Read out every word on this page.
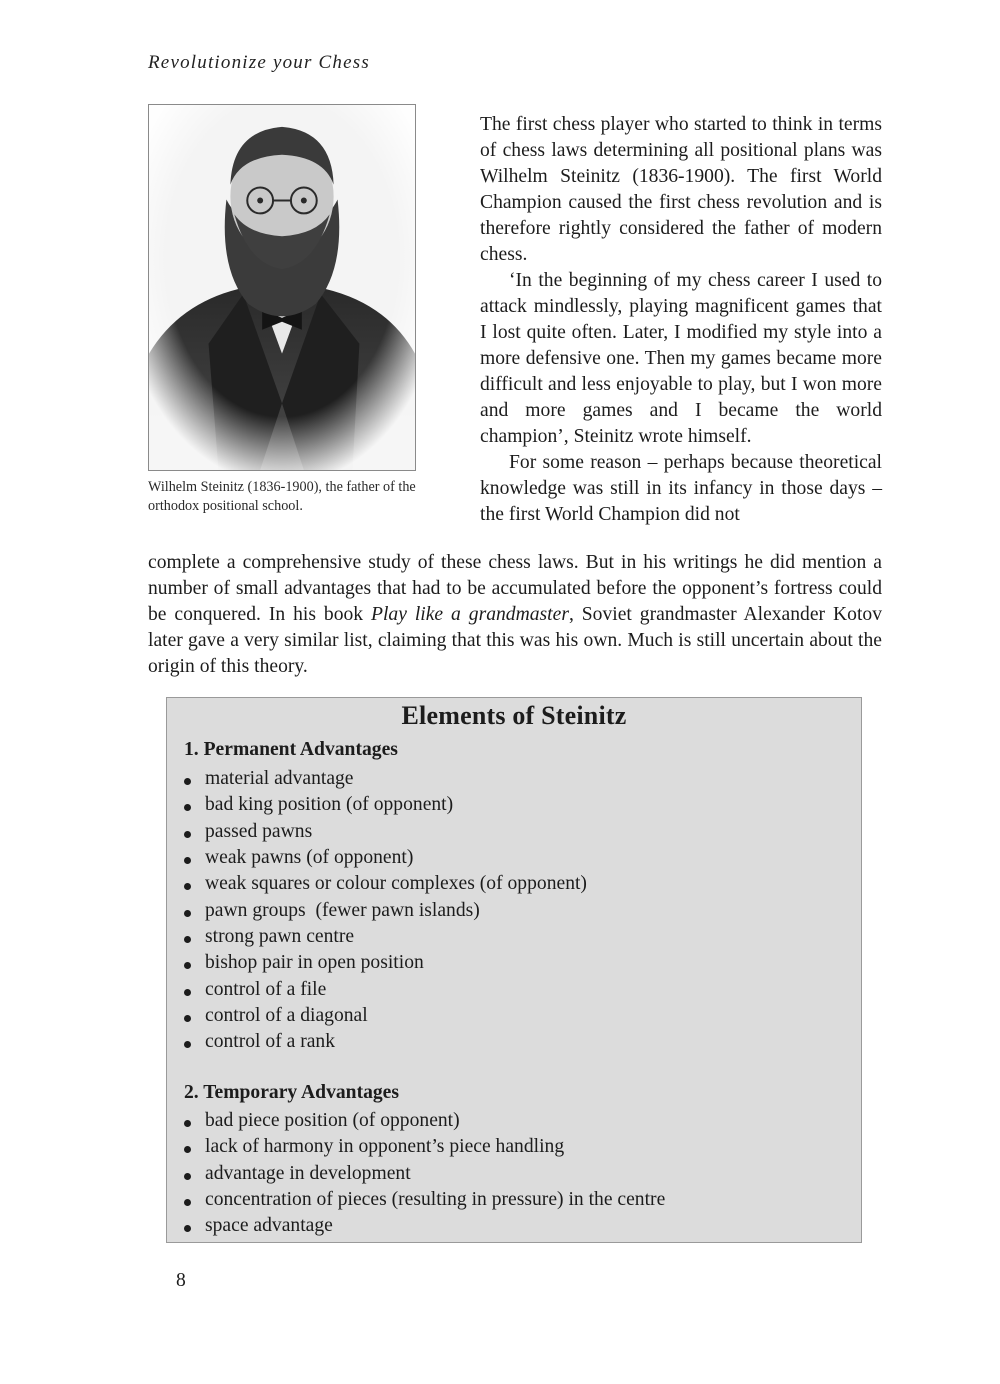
Revolutionize your Chess
Wilhelm Steinitz (1836-1900), the father of the orthodox positional school.

The first chess player who started to think in terms of chess laws determining all positional plans was Wilhelm Steinitz (1836-1900). The first World Champion caused the first chess revolution and is therefore rightly considered the father of modern chess.

‘In the beginning of my chess career I used to attack mindlessly, playing magnificent games that I lost quite often. Later, I modified my style into a more defensive one. Then my games became more difficult and less enjoyable to play, but I won more and more games and I became the world champion’, Steinitz wrote himself.

For some reason – perhaps because theoretical knowledge was still in its infancy in those days – the first World Champion did not

complete a comprehensive study of these chess laws. But in his writings he did mention a number of small advantages that had to be accumulated before the opponent’s fortress could be conquered. In his book Play like a grandmaster, Soviet grandmaster Alexander Kotov later gave a very similar list, claiming that this was his own. Much is still uncertain about the origin of this theory.

Elements of Steinitz
1. Permanent Advantages
material advantage
bad king position (of opponent)
passed pawns
weak pawns (of opponent)
weak squares or colour complexes (of opponent)
pawn groups  (fewer pawn islands)
strong pawn centre
bishop pair in open position
control of a file
control of a diagonal
control of a rank
2. Temporary Advantages
bad piece position (of opponent)
lack of harmony in opponent’s piece handling
advantage in development
concentration of pieces (resulting in pressure) in the centre
space advantage
8
